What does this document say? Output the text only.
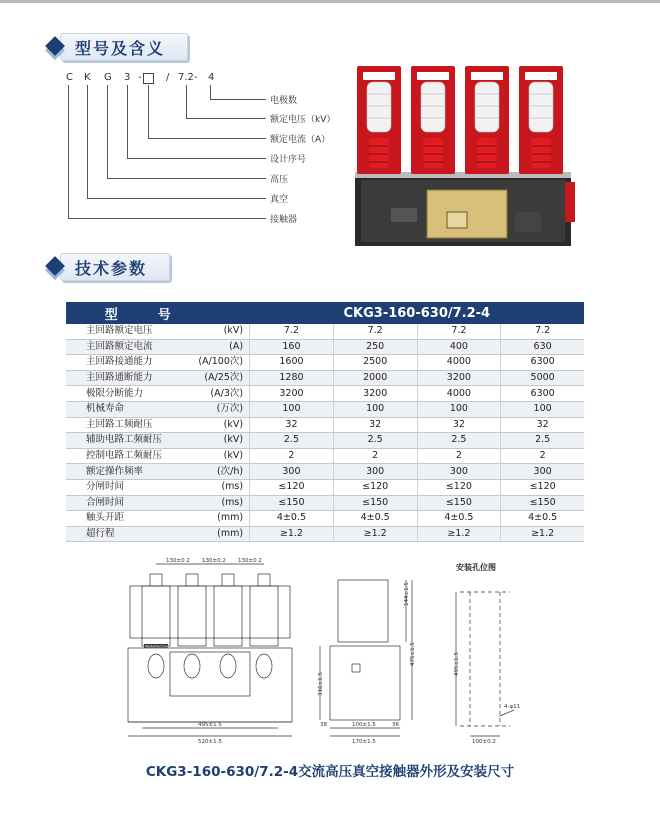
型号及含义
C K G 3 - / 7.2 - 4
电极数
额定电压（kV）
额定电流（A）
设计序号
高压
真空
接触器
技术参数
型号	CKG3-160-630/7.2-4			
主回路额定电压 (kV)	7.2	7.2	7.2	7.2
主回路额定电流 (A)	160	250	400	630
主回路接通能力 (A/100次)	1600	2500	4000	6300
主回路通断能力 (A/25次)	1280	2000	3200	5000
极限分断能力 (A/3次)	3200	3200	4000	6300
机械寿命 (万次)	100	100	100	100
主回路工频耐压 (kV)	32	32	32	32
辅助电路工频耐压 (kV)	2.5	2.5	2.5	2.5
控制电路工频耐压 (kV)	2	2	2	2
额定操作频率 (次/h)	300	300	300	300
分闸时间 (ms)	≤120	≤120	≤120	≤120
合闸时间 (ms)	≤150	≤150	≤150	≤150
触头开距 (mm)	4±0.5	4±0.5	4±0.5	4±0.5
超行程 (mm)	≥1.2	≥1.2	≥1.2	≥1.2
130±0.2 130±0.2 130±0.2
495±1.5
520±1.5
ModelFactory
144±1.5
475±1.5
316±1.5
38	100±1.5	36
170±1.5
495±1.5
100±0.2
4-φ11
安装孔位图
CKG3-160-630/7.2-4交流高压真空接触器外形及安装尺寸
